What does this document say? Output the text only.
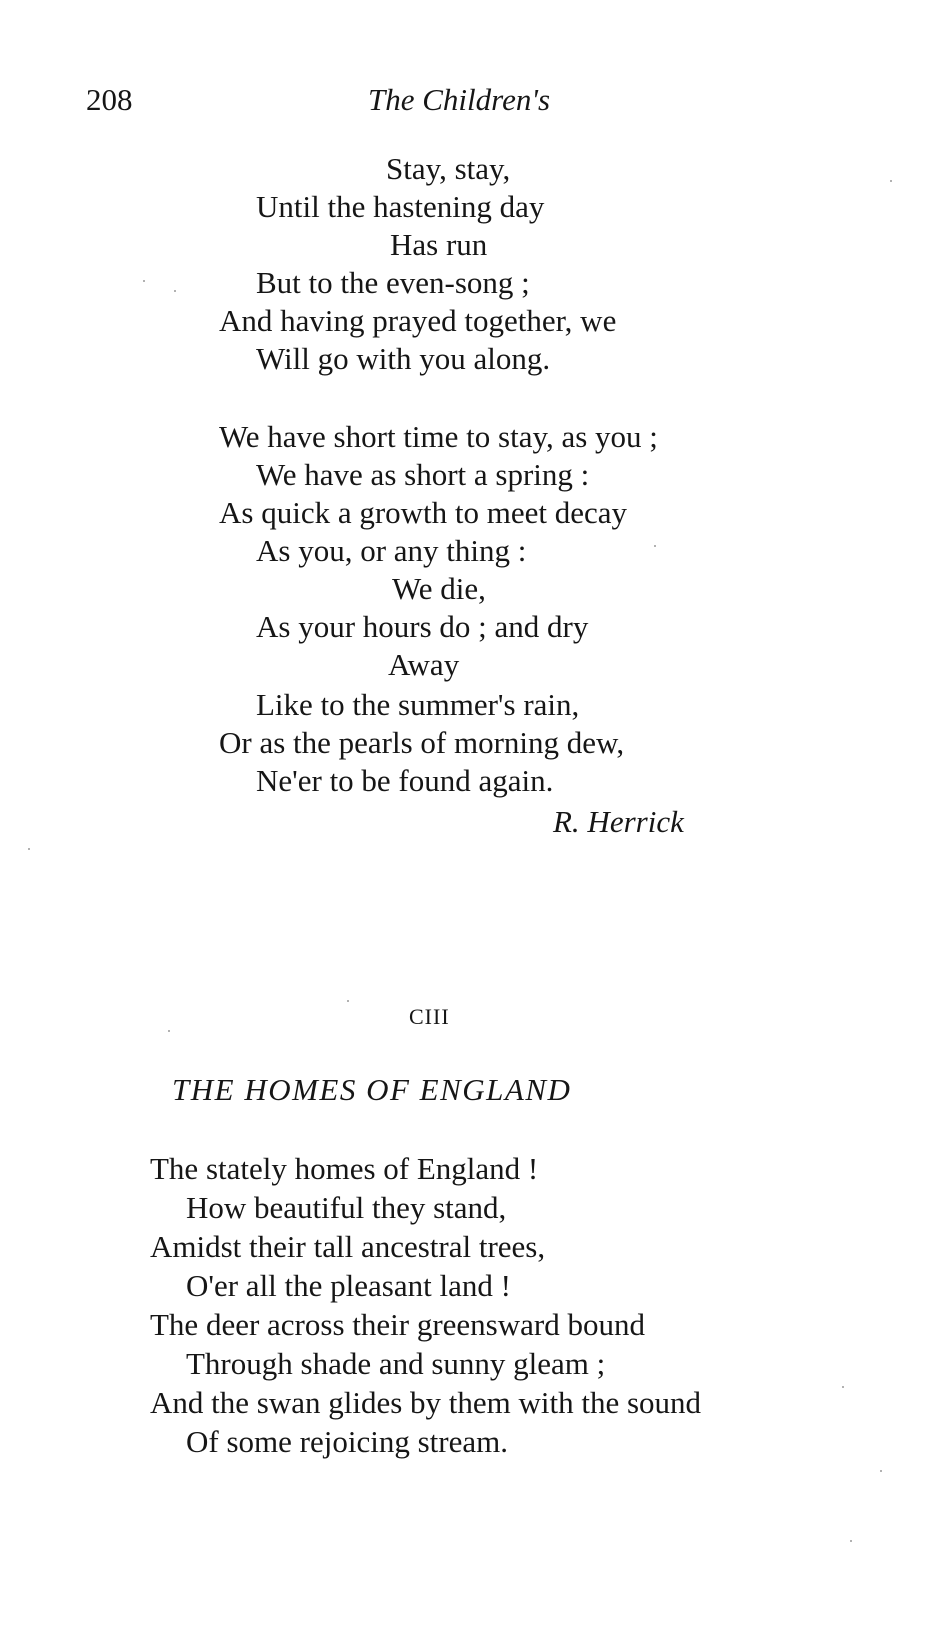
208	The Children's
Stay, stay,
Until the hastening day
Has run
But to the even-song ;
And having prayed together, we
Will go with you along.
We have short time to stay, as you ;
We have as short a spring :
As quick a growth to meet decay
As you, or any thing :
We die,
As your hours do ; and dry
Away
Like to the summer's rain,
Or as the pearls of morning dew,
Ne'er to be found again.
R. Herrick
CIII
THE HOMES OF ENGLAND
The stately homes of England !
How beautiful they stand,
Amidst their tall ancestral trees,
O'er all the pleasant land !
The deer across their greensward bound
Through shade and sunny gleam ;
And the swan glides by them with the sound
Of some rejoicing stream.
